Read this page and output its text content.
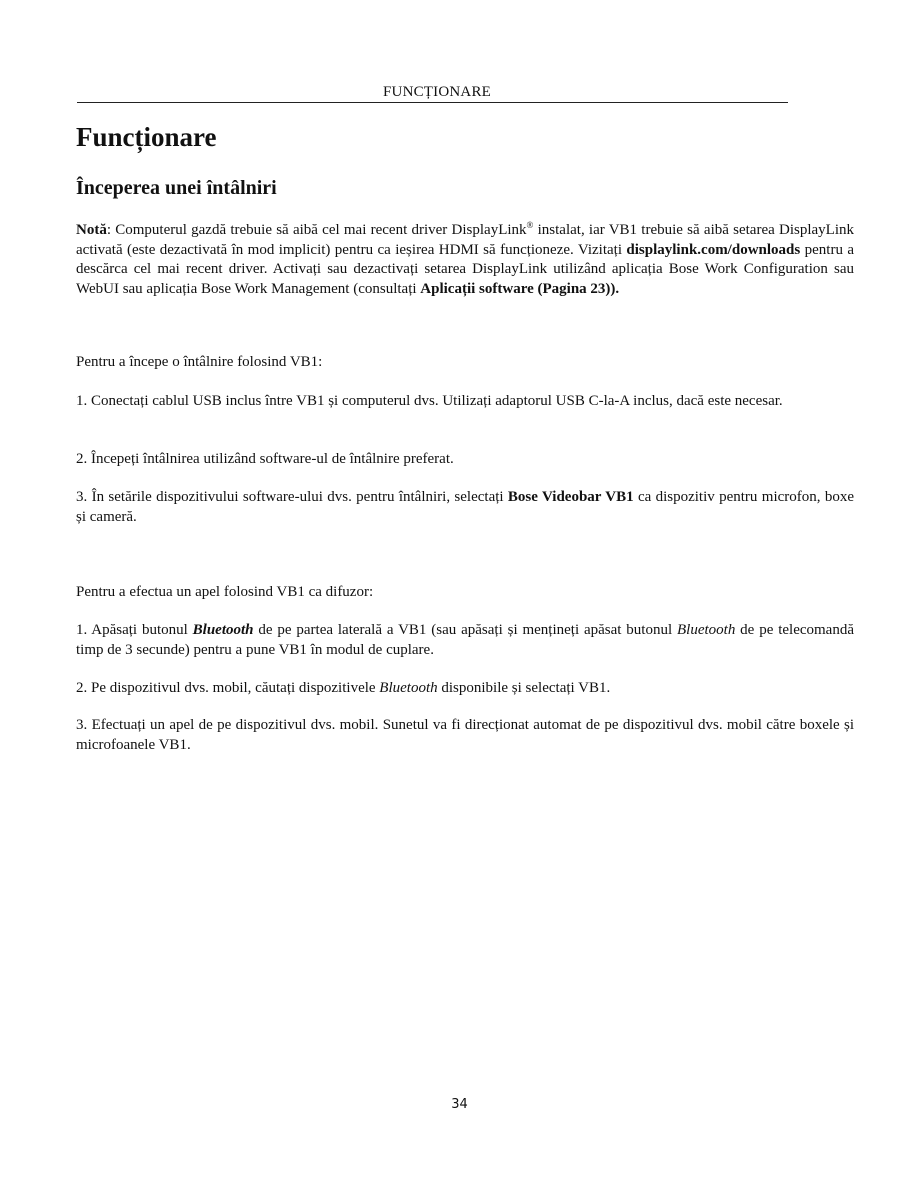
FUNCȚIONARE
Funcționare
Începerea unei întâlniri

Notă: Computerul gazdă trebuie să aibă cel mai recent driver DisplayLink® instalat, iar VB1 trebuie să aibă setarea DisplayLink activată (este dezactivată în mod implicit) pentru ca ieșirea HDMI să funcționeze. Vizitați displaylink.com/downloads pentru a descărca cel mai recent driver. Activați sau dezactivați setarea DisplayLink utilizând aplicația Bose Work Configuration sau WebUI sau aplicația Bose Work Management (consultați Aplicații software (Pagina 23)).

Pentru a începe o întâlnire folosind VB1:

1. Conectați cablul USB inclus între VB1 și computerul dvs. Utilizați adaptorul USB C-la-A inclus, dacă este necesar.

2. Începeți întâlnirea utilizând software-ul de întâlnire preferat.

3. În setările dispozitivului software-ului dvs. pentru întâlniri, selectați Bose Videobar VB1 ca dispozitiv pentru microfon, boxe și cameră.

Pentru a efectua un apel folosind VB1 ca difuzor:

1. Apăsați butonul Bluetooth de pe partea laterală a VB1 (sau apăsați și mențineți apăsat butonul Bluetooth de pe telecomandă timp de 3 secunde) pentru a pune VB1 în modul de cuplare.

2. Pe dispozitivul dvs. mobil, căutați dispozitivele Bluetooth disponibile și selectați VB1.

3. Efectuați un apel de pe dispozitivul dvs. mobil. Sunetul va fi direcționat automat de pe dispozitivul dvs. mobil către boxele și microfoanele VB1.

34
